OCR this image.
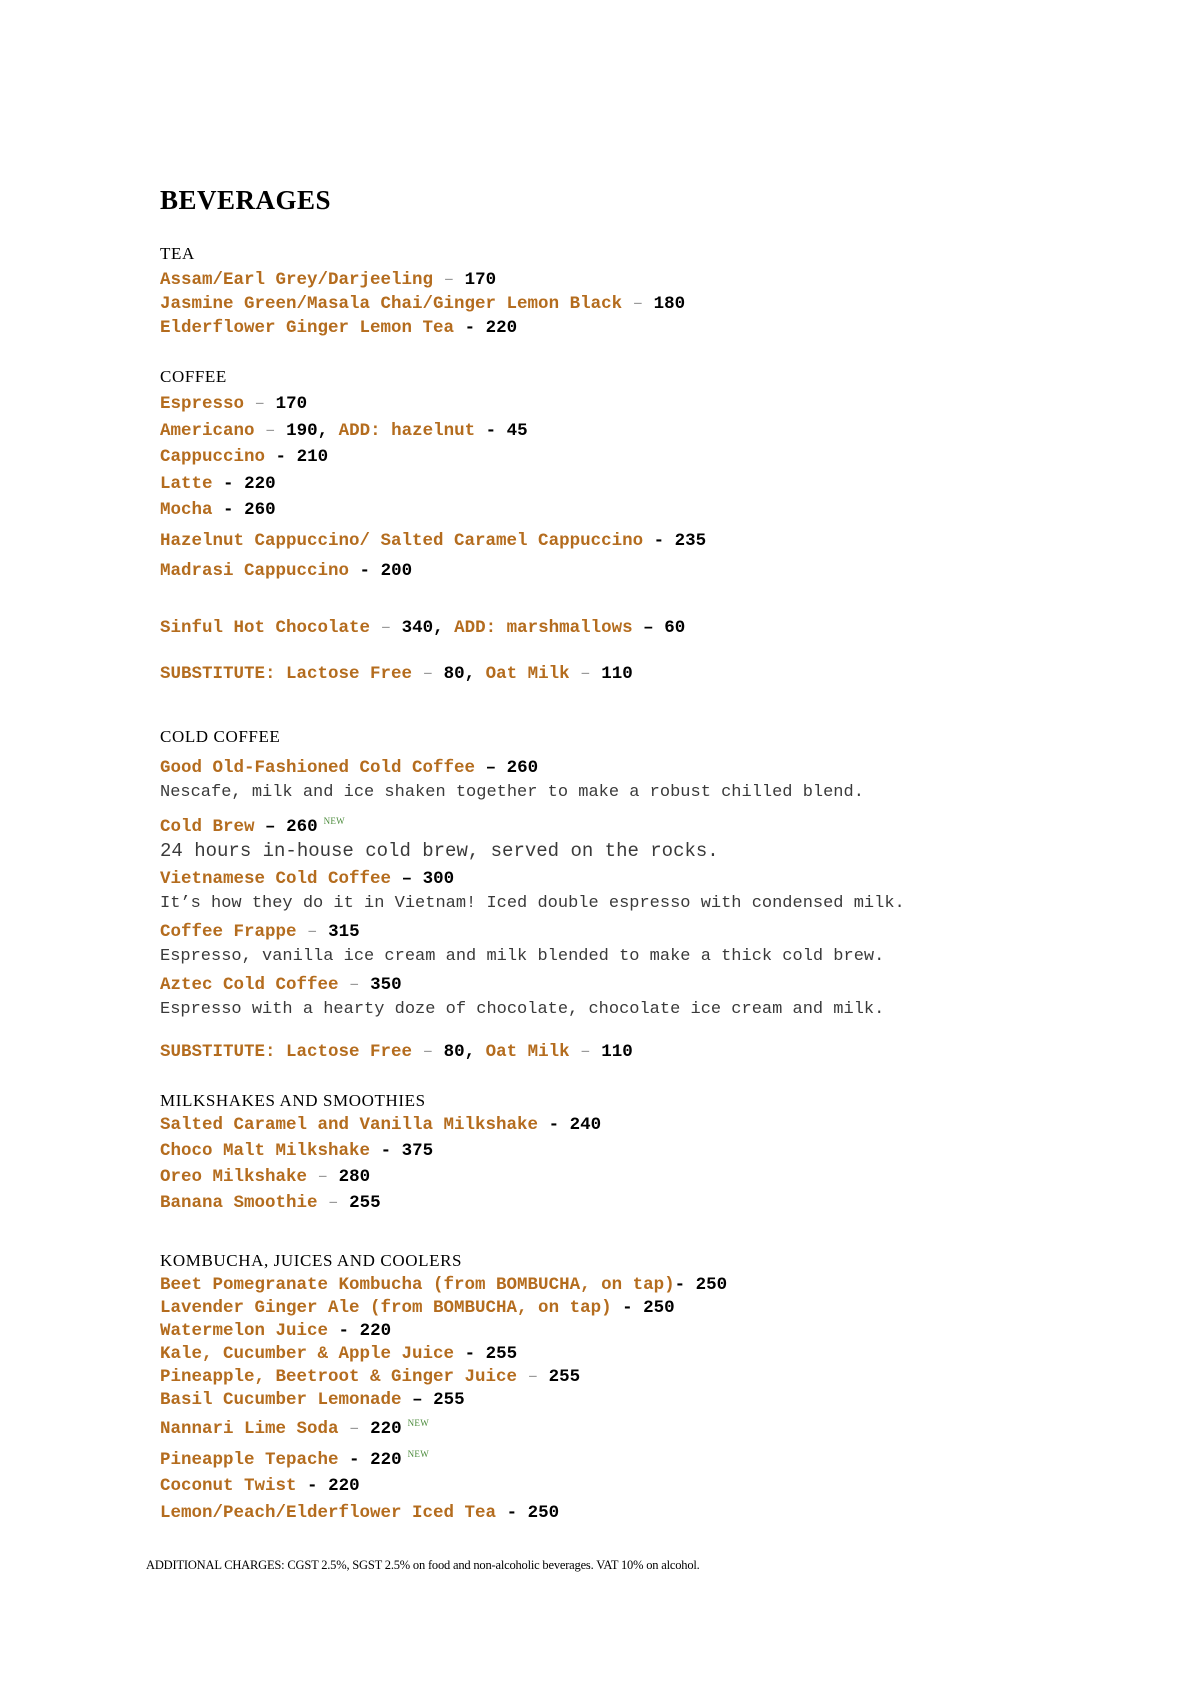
BEVERAGES
TEA
Assam/Earl Grey/Darjeeling – 170
Jasmine Green/Masala Chai/Ginger Lemon Black – 180
Elderflower Ginger Lemon Tea - 220
COFFEE
Espresso – 170
Americano – 190, ADD: hazelnut - 45
Cappuccino - 210
Latte - 220
Mocha - 260
Hazelnut Cappuccino/ Salted Caramel Cappuccino - 235
Madrasi Cappuccino - 200
Sinful Hot Chocolate – 340, ADD: marshmallows – 60
SUBSTITUTE: Lactose Free – 80, Oat Milk – 110
COLD COFFEE
Good Old-Fashioned Cold Coffee – 260
Nescafe, milk and ice shaken together to make a robust chilled blend.
Cold Brew – 260 $^{NEW}$
24 hours in-house cold brew, served on the rocks.
Vietnamese Cold Coffee – 300
It’s how they do it in Vietnam! Iced double espresso with condensed milk.
Coffee Frappe – 315
Espresso, vanilla ice cream and milk blended to make a thick cold brew.
Aztec Cold Coffee – 350
Espresso with a hearty doze of chocolate, chocolate ice cream and milk.
SUBSTITUTE: Lactose Free – 80, Oat Milk – 110
MILKSHAKES AND SMOOTHIES
Salted Caramel and Vanilla Milkshake - 240
Choco Malt Milkshake - 375
Oreo Milkshake – 280
Banana Smoothie – 255
KOMBUCHA, JUICES AND COOLERS
Beet Pomegranate Kombucha (from BOMBUCHA, on tap)- 250
Lavender Ginger Ale (from BOMBUCHA, on tap) - 250
Watermelon Juice - 220
Kale, Cucumber & Apple Juice - 255
Pineapple, Beetroot & Ginger Juice – 255
Basil Cucumber Lemonade – 255
Nannari Lime Soda – 220 $^{NEW}$
Pineapple Tepache - 220 $^{NEW}$
Coconut Twist - 220
Lemon/Peach/Elderflower Iced Tea - 250
ADDITIONAL CHARGES: CGST 2.5%, SGST 2.5% on food and non-alcoholic beverages. VAT 10% on alcohol.
